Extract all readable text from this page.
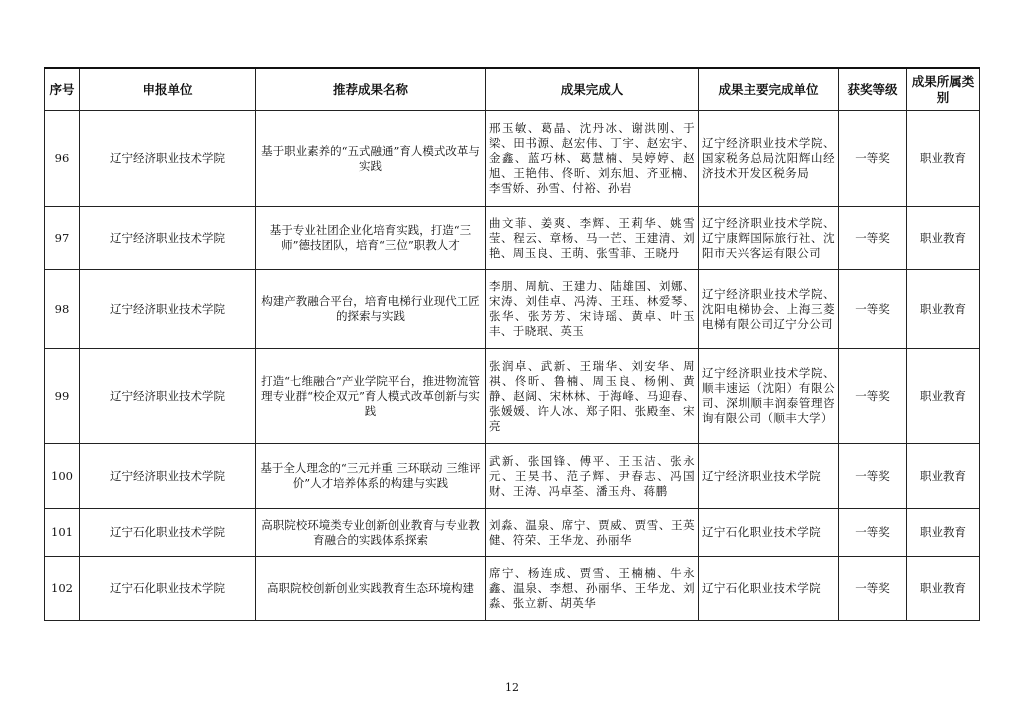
序号	申报单位	推荐成果名称	成果完成人	成果主要完成单位	获奖等级	成果所属类别
96	辽宁经济职业技术学院	基于职业素养的“五式融通”育人模式改革与实践	邢玉敏、葛晶、沈丹冰、谢洪刚、于梁、田书源、赵宏伟、丁宇、赵宏宇、金鑫、蓝巧林、葛慧楠、吴婷婷、赵旭、王艳伟、佟昕、刘东旭、齐亚楠、李雪娇、孙雪、付裕、孙岩	辽宁经济职业技术学院、国家税务总局沈阳辉山经济技术开发区税务局	一等奖	职业教育
97	辽宁经济职业技术学院	基于专业社团企业化培育实践，打造“三师”德技团队，培育“三位”职教人才	曲文菲、姜爽、李辉、王莉华、姚雪莹、程云、章杨、马一芒、王建清、刘艳、周玉良、王萌、张雪菲、王晓丹	辽宁经济职业技术学院、辽宁康辉国际旅行社、沈阳市天兴客运有限公司	一等奖	职业教育
98	辽宁经济职业技术学院	构建产教融合平台，培育电梯行业现代工匠的探索与实践	李朋、周航、王建力、陆雄国、刘娜、宋涛、刘佳卓、冯涛、王珏、林爱琴、张华、张芳芳、宋诗瑶、黄卓、叶玉丰、于晓珉、英玉	辽宁经济职业技术学院、沈阳电梯协会、上海三菱电梯有限公司辽宁分公司	一等奖	职业教育
99	辽宁经济职业技术学院	打造“七维融合”产业学院平台，推进物流管理专业群“校企双元”育人模式改革创新与实践	张润卓、武新、王瑞华、刘安华、周祺、佟昕、鲁楠、周玉良、杨俐、黄静、赵阔、宋林林、于海峰、马迎春、张媛媛、许人冰、郑子阳、张殿奎、宋亮	辽宁经济职业技术学院、顺丰速运（沈阳）有限公司、深圳顺丰润泰管理咨询有限公司（顺丰大学）	一等奖	职业教育
100	辽宁经济职业技术学院	基于全人理念的“三元并重 三环联动 三维评价”人才培养体系的构建与实践	武新、张国锋、傅平、王玉洁、张永元、王昊书、范子辉、尹春志、冯国财、王涛、冯卓荃、潘玉舟、蒋鹏	辽宁经济职业技术学院	一等奖	职业教育
101	辽宁石化职业技术学院	高职院校环境类专业创新创业教育与专业教育融合的实践体系探索	刘淼、温泉、席宁、贾威、贾雪、王英健、符荣、王华龙、孙丽华	辽宁石化职业技术学院	一等奖	职业教育
102	辽宁石化职业技术学院	高职院校创新创业实践教育生态环境构建	席宁、杨连成、贾雪、王楠楠、牛永鑫、温泉、李想、孙丽华、王华龙、刘淼、张立新、胡英华	辽宁石化职业技术学院	一等奖	职业教育
12
